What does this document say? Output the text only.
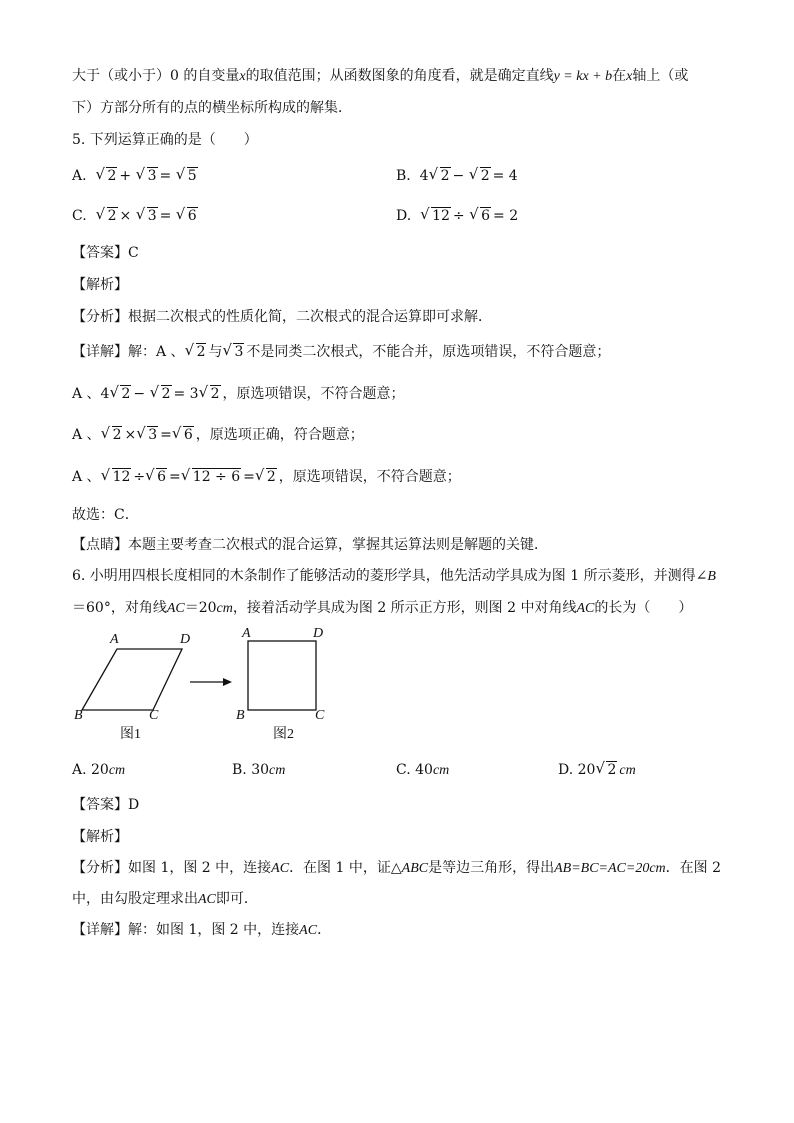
大于（或小于）0 的自变量x的取值范围；从函数图象的角度看，就是确定直线y = kx + b在x轴上（或
下）方部分所有的点的横坐标所构成的解集．
5. 下列运算正确的是（　　）
A. √ 2 + √ 3 = √ 5	B. 4 √ 2 − √ 2 = 4
C. √ 2 × √ 3 = √ 6	D. √ 12 ÷ √ 6 = 2
【答案】C
【解析】
【分析】根据二次根式的性质化简，二次根式的混合运算即可求解．
【详解】解：A 、 √ 2 与 √ 3 不是同类二次根式，不能合并，原选项错误，不符合题意；
A 、4 √ 2 − √ 2 = 3 √ 2 ，原选项错误，不符合题意；
A 、 √ 2 × √ 3 = √ 6 ，原选项正确，符合题意；
A 、 √ 12 ÷ √ 6 = √ 12 ÷ 6 = √ 2 ，原选项错误，不符合题意；
故选：C．
【点睛】本题主要考查二次根式的混合运算，掌握其运算法则是解题的关键．
6. 小明用四根长度相同的木条制作了能够活动的菱形学具，他先活动学具成为图 1 所示菱形，并测得∠B
＝60°，对角线AC＝20cm，接着活动学具成为图 2 所示正方形，则图 2 中对角线AC的长为（　　）
A	D
B	C
图1
A	D
B	C
图2
A. 20cm	B. 30cm	C. 40cm	D. 20 √ 2 cm
【答案】D
【解析】
【分析】如图 1，图 2 中，连接AC．在图 1 中，证△ABC是等边三角形，得出AB=BC=AC=20cm．在图 2
中，由勾股定理求出AC即可．
【详解】解：如图 1，图 2 中，连接AC．
